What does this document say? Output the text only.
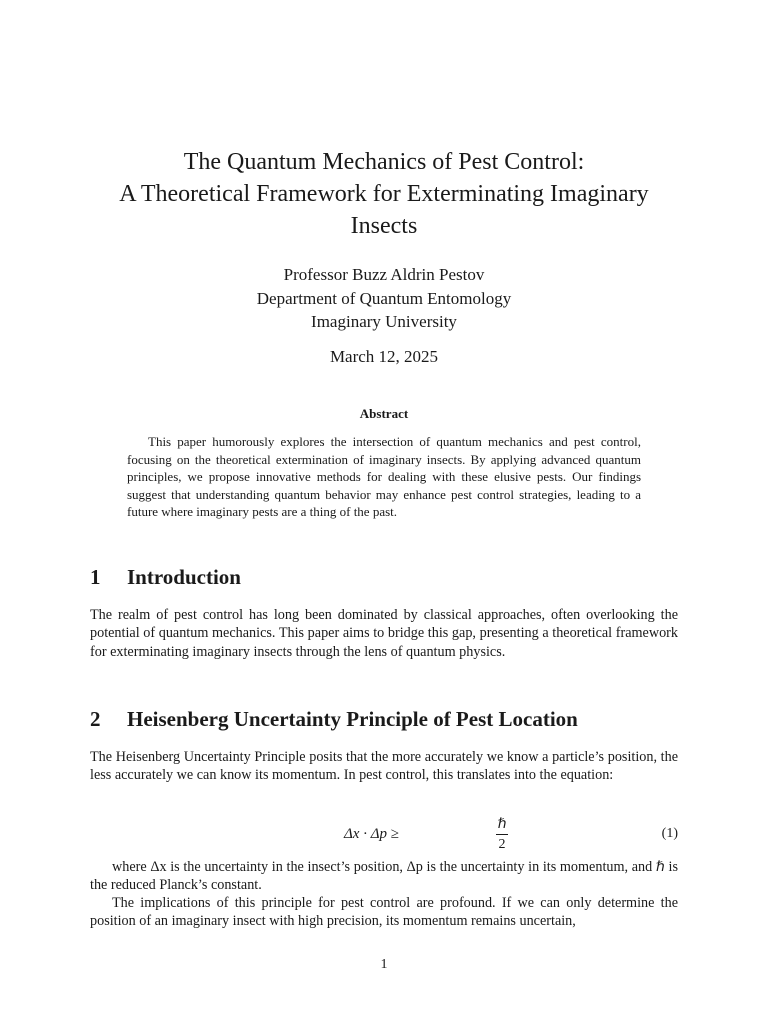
The Quantum Mechanics of Pest Control:
A Theoretical Framework for Exterminating Imaginary
Insects
Professor Buzz Aldrin Pestov
Department of Quantum Entomology
Imaginary University
March 12, 2025
Abstract
This paper humorously explores the intersection of quantum mechanics and pest control, focusing on the theoretical extermination of imaginary insects. By applying advanced quantum principles, we propose innovative methods for dealing with these elusive pests. Our findings suggest that understanding quantum behavior may enhance pest control strategies, leading to a future where imaginary pests are a thing of the past.
1 Introduction
The realm of pest control has long been dominated by classical approaches, often overlooking the potential of quantum mechanics. This paper aims to bridge this gap, presenting a theoretical framework for exterminating imaginary insects through the lens of quantum physics.
2 Heisenberg Uncertainty Principle of Pest Location
The Heisenberg Uncertainty Principle posits that the more accurately we know a particle’s position, the less accurately we can know its momentum. In pest control, this translates into the equation:
Δx · Δp ≥
ℏ
2
(1)
where Δx is the uncertainty in the insect’s position, Δp is the uncertainty in its momentum, and ℏ is the reduced Planck’s constant.
The implications of this principle for pest control are profound. If we can only determine the position of an imaginary insect with high precision, its momentum remains uncertain,
1
